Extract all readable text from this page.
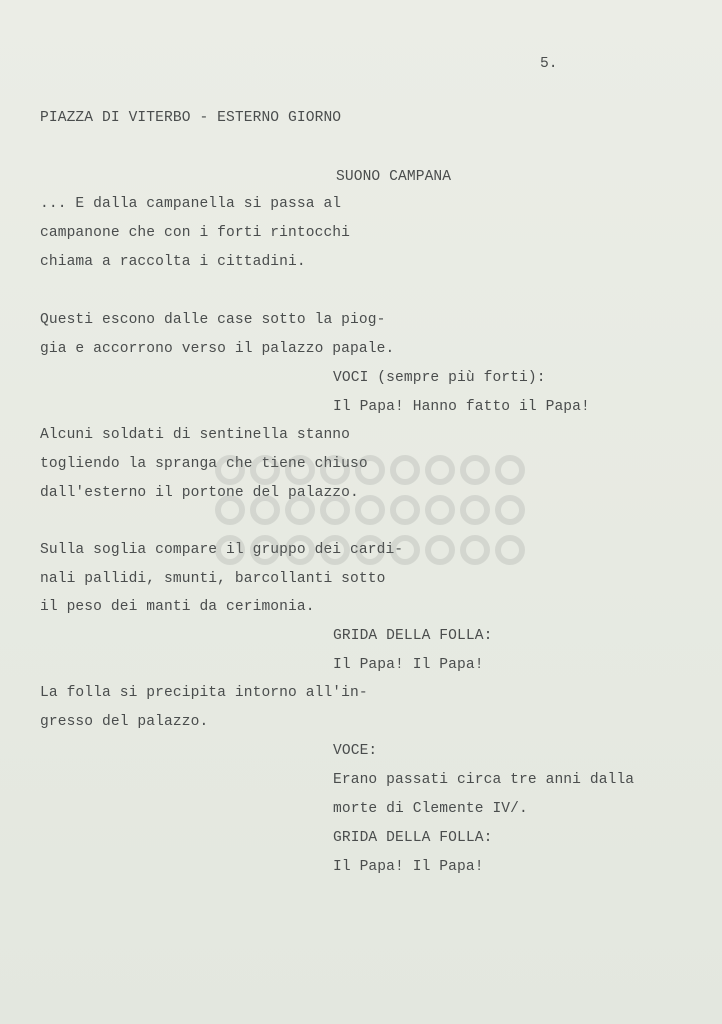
5.
PIAZZA DI VITERBO - ESTERNO GIORNO
SUONO CAMPANA
... E dalla campanella si passa al
campanone che con i forti rintocchi
chiama a raccolta i cittadini.
Questi escono dalle case sotto la piog-
gia e accorrono verso il palazzo papale.
VOCI (sempre più forti):
Il Papa! Hanno fatto il Papa!
Alcuni soldati di sentinella stanno
togliendo la spranga che tiene chiuso
dall'esterno il portone del palazzo.
Sulla soglia compare il gruppo dei cardi-
nali pallidi, smunti, barcollanti sotto
il peso dei manti da cerimonia.
GRIDA DELLA FOLLA:
Il Papa! Il Papa!
La folla si precipita intorno all'in-
gresso del palazzo.
VOCE:
Erano passati circa tre anni dalla
morte di Clemente IV/.
GRIDA DELLA FOLLA:
Il Papa! Il Papa!
